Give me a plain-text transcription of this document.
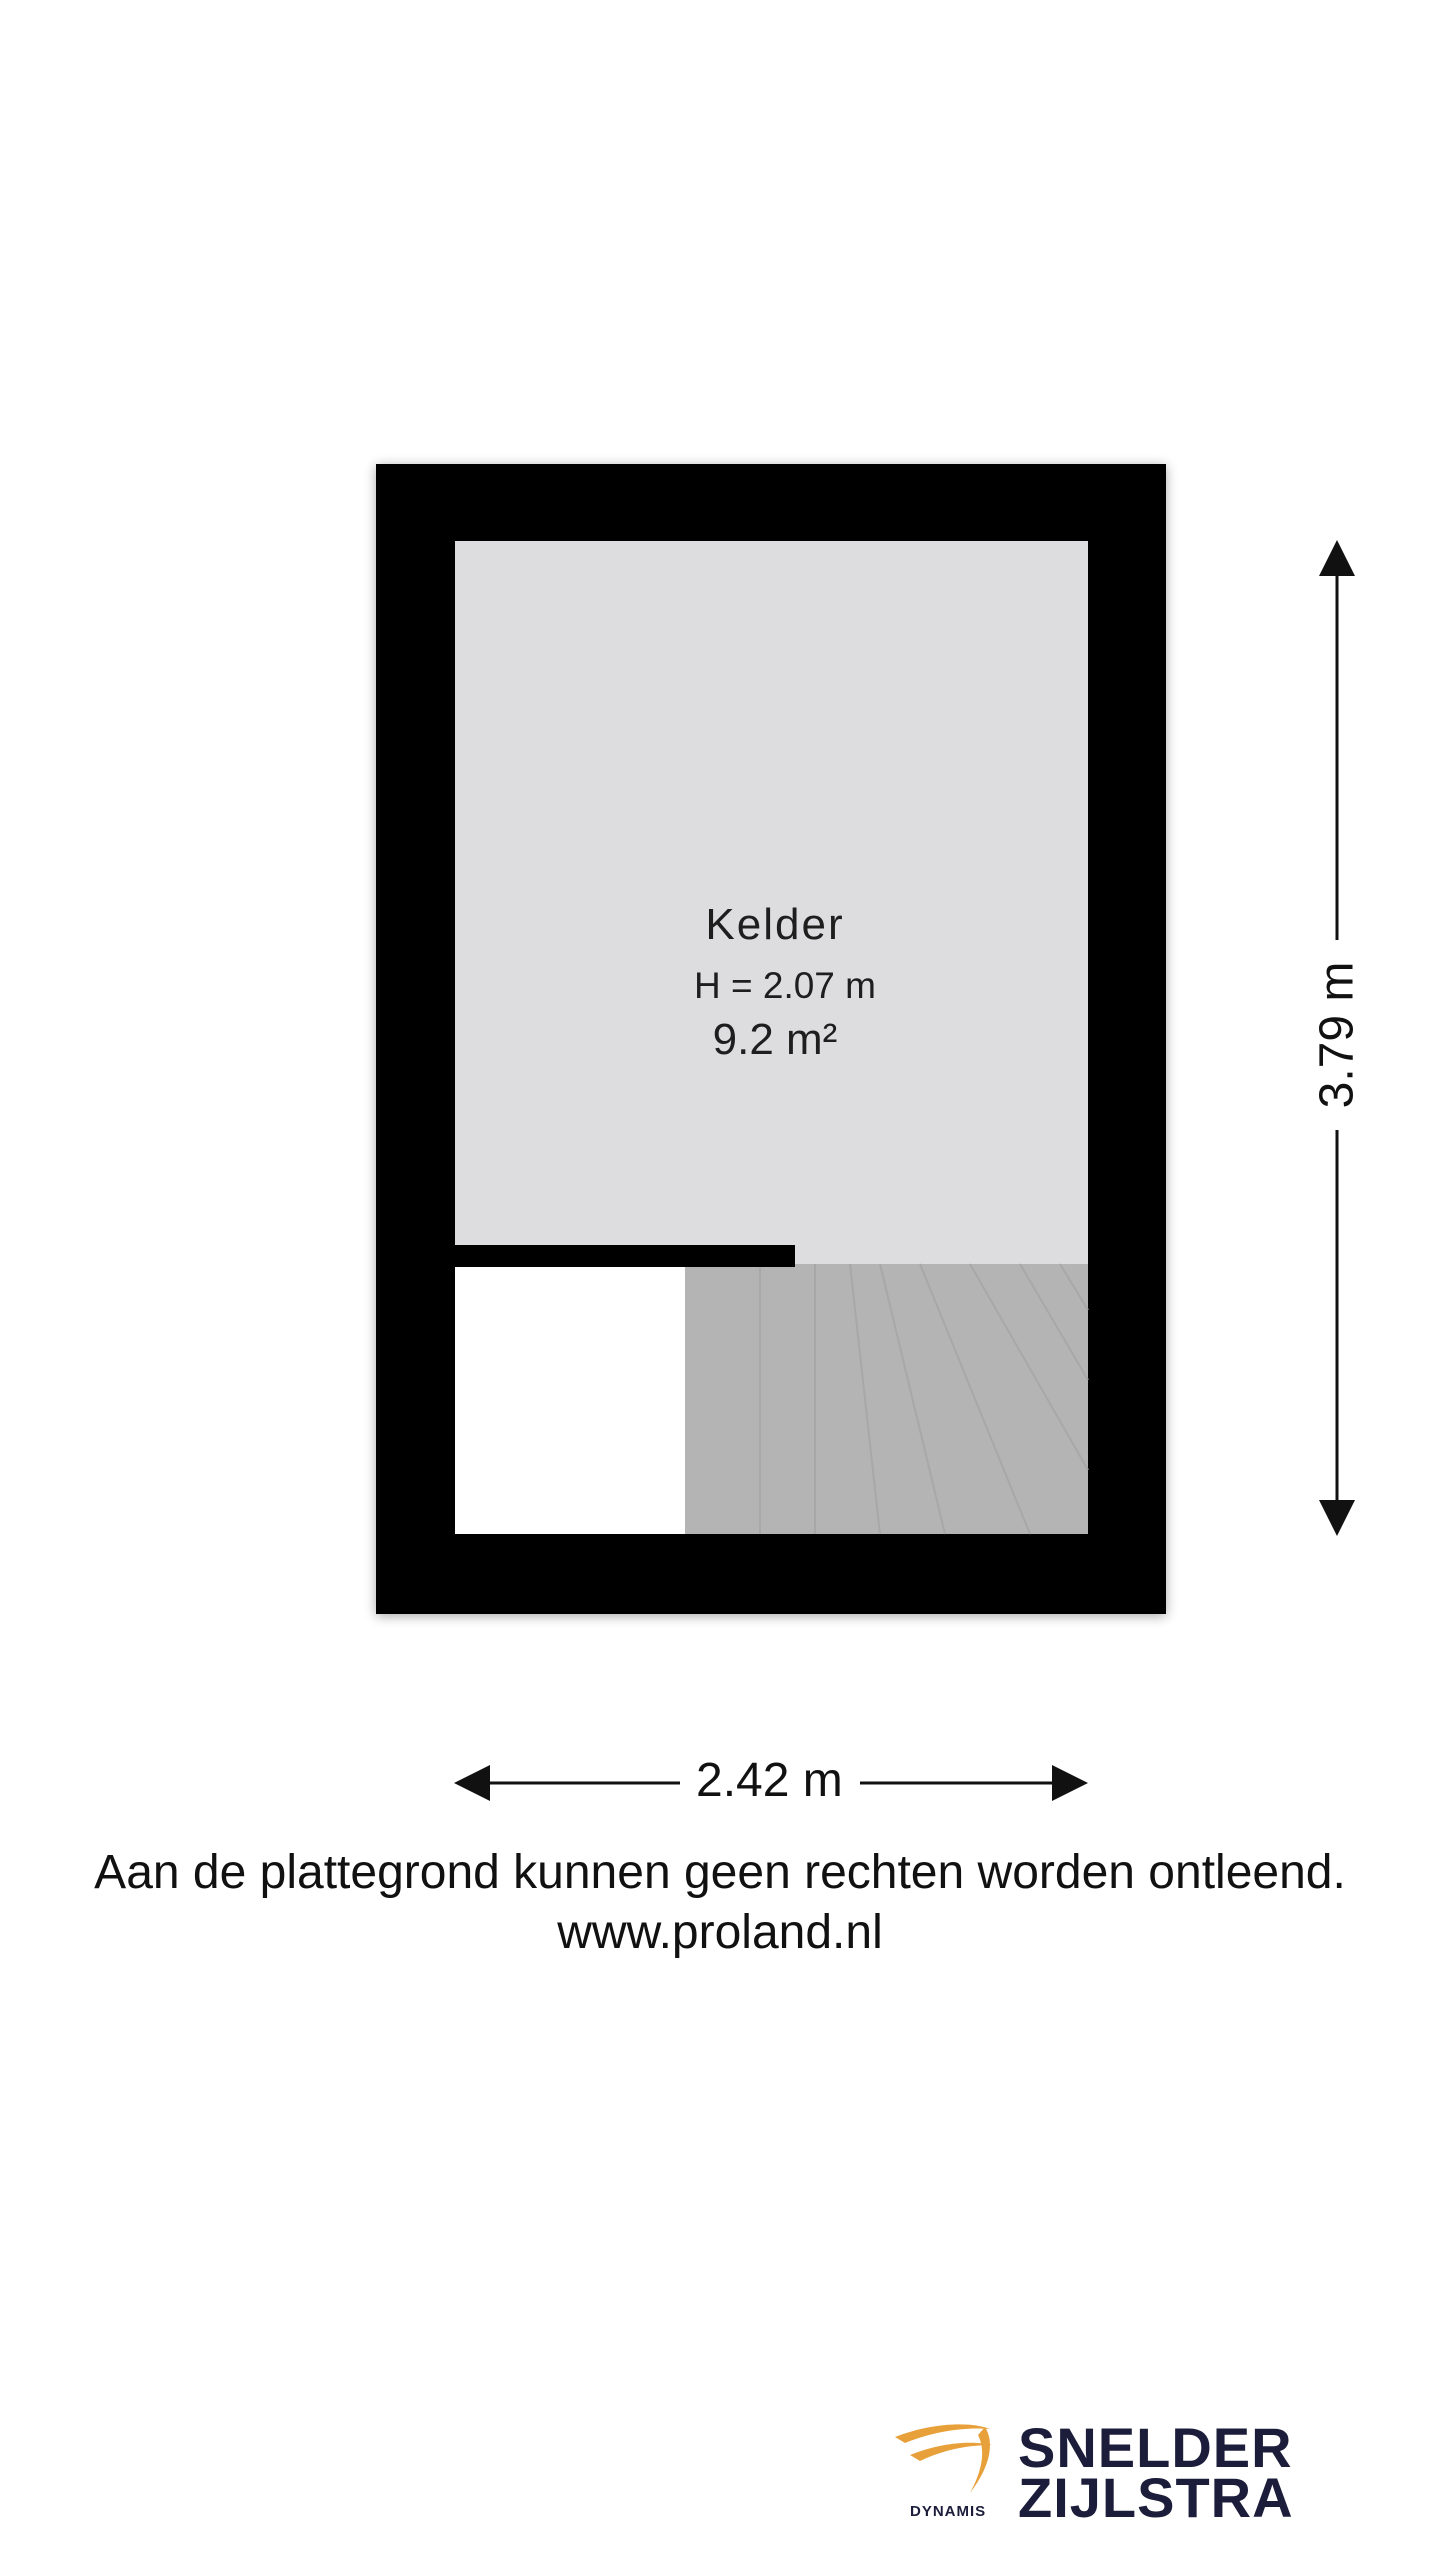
Kelder
H = 2.07 m
9.2 m²
2.42 m
3.79 m
Aan de plattegrond kunnen geen rechten worden ontleend.
www.proland.nl
DYNAMIS
SNELDER
ZIJLSTRA
